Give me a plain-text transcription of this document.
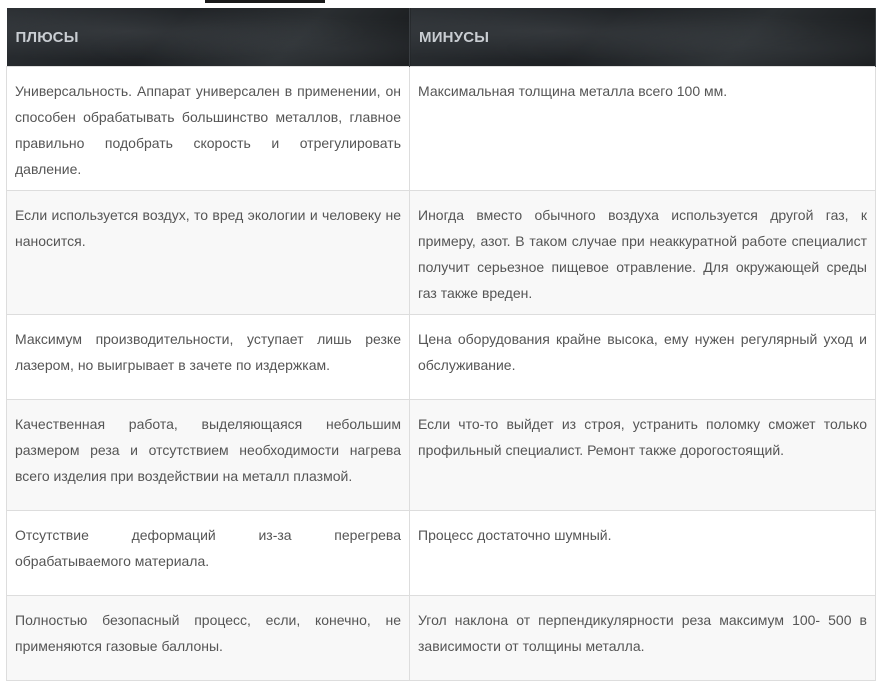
ПЛЮСЫ	МИНУСЫ
Универсальность. Аппарат универсален в применении, он способен обрабатывать большинство металлов, главное правильно подобрать скорость и отрегулировать давление.	Максимальная толщина металла всего 100 мм.
Если используется воздух, то вред экологии и человеку не наносится.	Иногда вместо обычного воздуха используется другой газ, к примеру, азот. В таком случае при неаккуратной работе специалист получит серьезное пищевое отравление. Для окружающей среды газ также вреден.
Максимум производительности, уступает лишь резке лазером, но выигрывает в зачете по издержкам.	Цена оборудования крайне высока, ему нужен регулярный уход и обслуживание.
Качественная работа, выделяющаяся небольшим размером реза и отсутствием необходимости нагрева всего изделия при воздействии на металл плазмой.	Если что-то выйдет из строя, устранить поломку сможет только профильный специалист. Ремонт также дорогостоящий.
Отсутствие деформаций из-за перегрева обрабатываемого материала.	Процесс достаточно шумный.
Полностью безопасный процесс, если, конечно, не применяются газовые баллоны.	Угол наклона от перпендикулярности реза максимум 100- 500 в зависимости от толщины металла.
